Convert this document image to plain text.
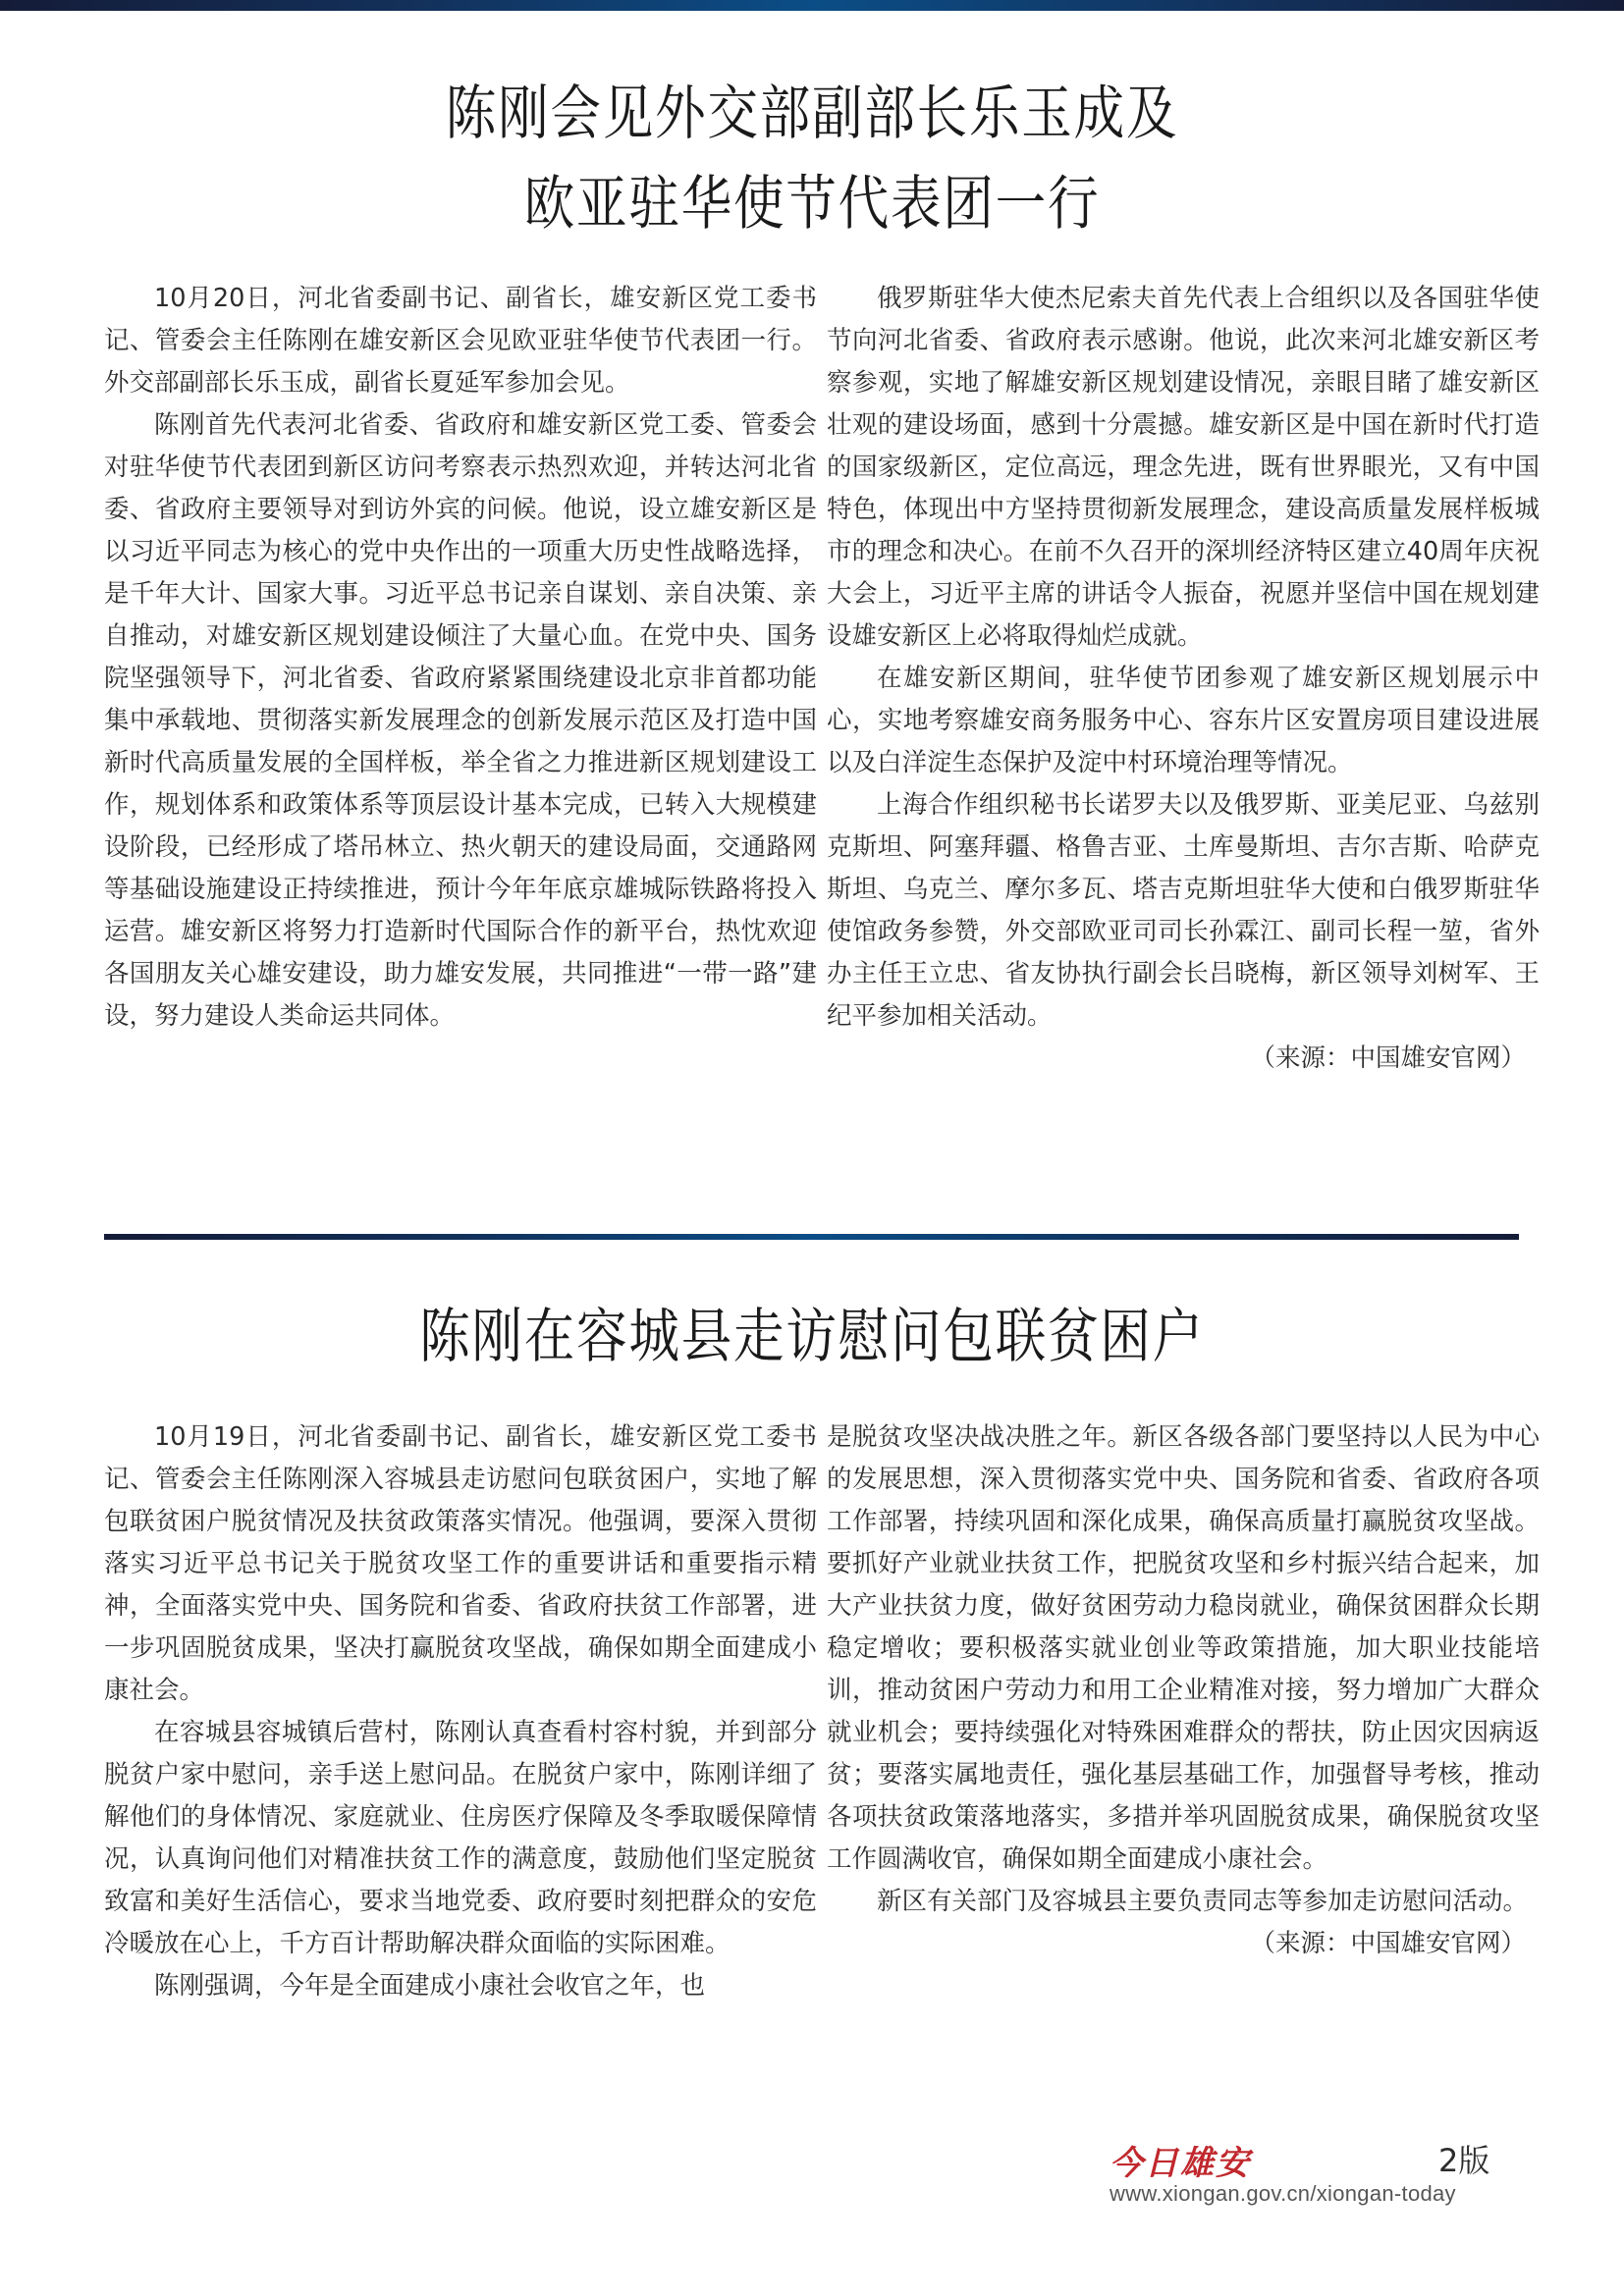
陈刚会见外交部副部长乐玉成及
欧亚驻华使节代表团一行

10月20日，河北省委副书记、副省长，雄安新区党工委书记、管委会主任陈刚在雄安新区会见欧亚驻华使节代表团一行。外交部副部长乐玉成，副省长夏延军参加会见。

陈刚首先代表河北省委、省政府和雄安新区党工委、管委会对驻华使节代表团到新区访问考察表示热烈欢迎，并转达河北省委、省政府主要领导对到访外宾的问候。他说，设立雄安新区是以习近平同志为核心的党中央作出的一项重大历史性战略选择，是千年大计、国家大事。习近平总书记亲自谋划、亲自决策、亲自推动，对雄安新区规划建设倾注了大量心血。在党中央、国务院坚强领导下，河北省委、省政府紧紧围绕建设北京非首都功能集中承载地、贯彻落实新发展理念的创新发展示范区及打造中国新时代高质量发展的全国样板，举全省之力推进新区规划建设工作，规划体系和政策体系等顶层设计基本完成，已转入大规模建设阶段，已经形成了塔吊林立、热火朝天的建设局面，交通路网等基础设施建设正持续推进，预计今年年底京雄城际铁路将投入运营。雄安新区将努力打造新时代国际合作的新平台，热忱欢迎各国朋友关心雄安建设，助力雄安发展，共同推进“一带一路”建设，努力建设人类命运共同体。

俄罗斯驻华大使杰尼索夫首先代表上合组织以及各国驻华使节向河北省委、省政府表示感谢。他说，此次来河北雄安新区考察参观，实地了解雄安新区规划建设情况，亲眼目睹了雄安新区壮观的建设场面，感到十分震撼。雄安新区是中国在新时代打造的国家级新区，定位高远，理念先进，既有世界眼光，又有中国特色，体现出中方坚持贯彻新发展理念，建设高质量发展样板城市的理念和决心。在前不久召开的深圳经济特区建立40周年庆祝大会上，习近平主席的讲话令人振奋，祝愿并坚信中国在规划建设雄安新区上必将取得灿烂成就。

在雄安新区期间，驻华使节团参观了雄安新区规划展示中心，实地考察雄安商务服务中心、容东片区安置房项目建设进展以及白洋淀生态保护及淀中村环境治理等情况。

上海合作组织秘书长诺罗夫以及俄罗斯、亚美尼亚、乌兹别克斯坦、阿塞拜疆、格鲁吉亚、土库曼斯坦、吉尔吉斯、哈萨克斯坦、乌克兰、摩尔多瓦、塔吉克斯坦驻华大使和白俄罗斯驻华使馆政务参赞，外交部欧亚司司长孙霖江、副司长程一堃，省外办主任王立忠、省友协执行副会长吕晓梅，新区领导刘树军、王纪平参加相关活动。

（来源：中国雄安官网）

陈刚在容城县走访慰问包联贫困户

10月19日，河北省委副书记、副省长，雄安新区党工委书记、管委会主任陈刚深入容城县走访慰问包联贫困户，实地了解包联贫困户脱贫情况及扶贫政策落实情况。他强调，要深入贯彻落实习近平总书记关于脱贫攻坚工作的重要讲话和重要指示精神，全面落实党中央、国务院和省委、省政府扶贫工作部署，进一步巩固脱贫成果，坚决打赢脱贫攻坚战，确保如期全面建成小康社会。

在容城县容城镇后营村，陈刚认真查看村容村貌，并到部分脱贫户家中慰问，亲手送上慰问品。在脱贫户家中，陈刚详细了解他们的身体情况、家庭就业、住房医疗保障及冬季取暖保障情况，认真询问他们对精准扶贫工作的满意度，鼓励他们坚定脱贫致富和美好生活信心，要求当地党委、政府要时刻把群众的安危冷暖放在心上，千方百计帮助解决群众面临的实际困难。

陈刚强调，今年是全面建成小康社会收官之年，也

是脱贫攻坚决战决胜之年。新区各级各部门要坚持以人民为中心的发展思想，深入贯彻落实党中央、国务院和省委、省政府各项工作部署，持续巩固和深化成果，确保高质量打赢脱贫攻坚战。要抓好产业就业扶贫工作，把脱贫攻坚和乡村振兴结合起来，加大产业扶贫力度，做好贫困劳动力稳岗就业，确保贫困群众长期稳定增收；要积极落实就业创业等政策措施，加大职业技能培训，推动贫困户劳动力和用工企业精准对接，努力增加广大群众就业机会；要持续强化对特殊困难群众的帮扶，防止因灾因病返贫；要落实属地责任，强化基层基础工作，加强督导考核，推动各项扶贫政策落地落实，多措并举巩固脱贫成果，确保脱贫攻坚工作圆满收官，确保如期全面建成小康社会。

新区有关部门及容城县主要负责同志等参加走访慰问活动。

（来源：中国雄安官网）

今日雄安	2版
www.xiongan.gov.cn/xiongan-today
